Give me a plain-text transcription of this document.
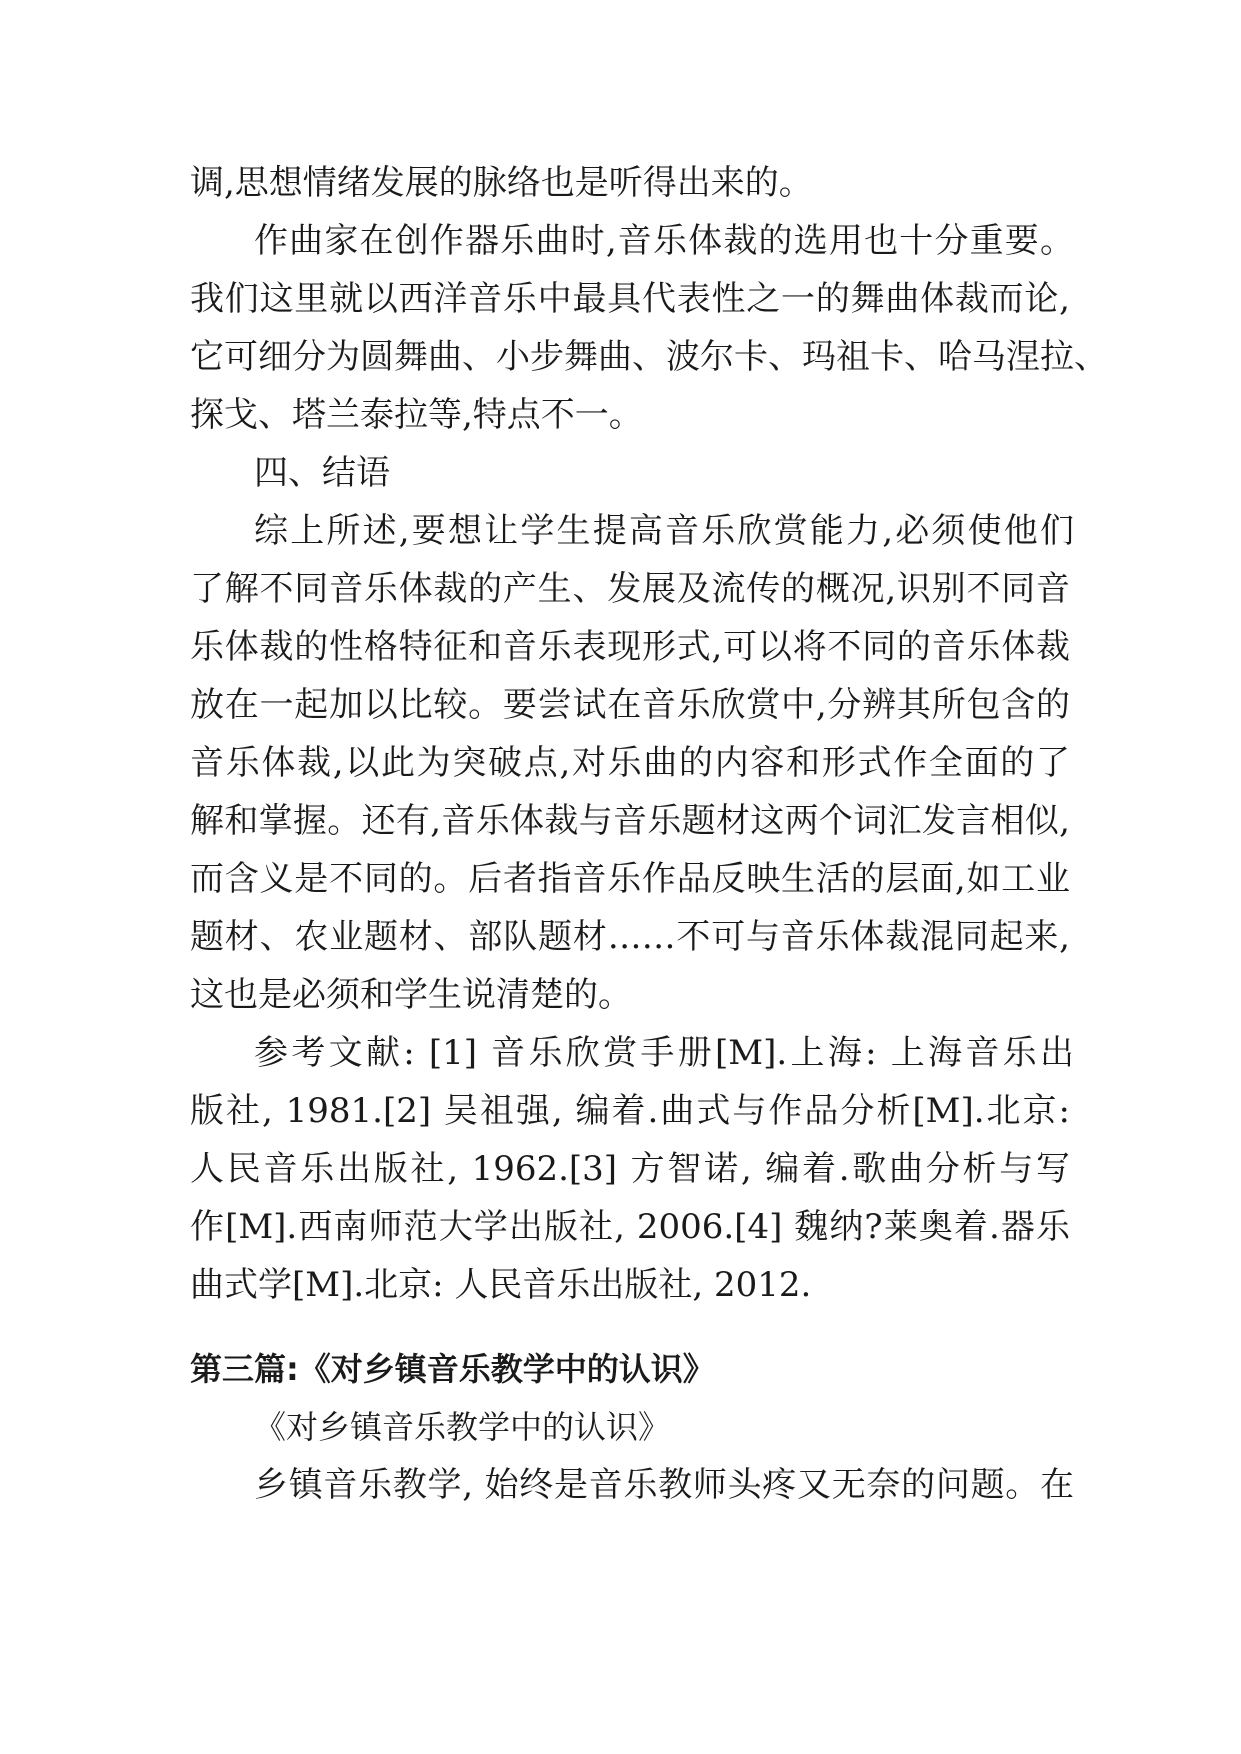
调,思想情绪发展的脉络也是听得出来的。
作曲家在创作器乐曲时,音乐体裁的选用也十分重要。
我们这里就以西洋音乐中最具代表性之一的舞曲体裁而论,
它可细分为圆舞曲、小步舞曲、波尔卡、玛祖卡、哈马涅拉、
探戈、塔兰泰拉等,特点不一。
四、结语
综上所述,要想让学生提高音乐欣赏能力,必须使他们
了解不同音乐体裁的产生、发展及流传的概况,识别不同音
乐体裁的性格特征和音乐表现形式,可以将不同的音乐体裁
放在一起加以比较。要尝试在音乐欣赏中,分辨其所包含的
音乐体裁,以此为突破点,对乐曲的内容和形式作全面的了
解和掌握。还有,音乐体裁与音乐题材这两个词汇发言相似,
而含义是不同的。后者指音乐作品反映生活的层面,如工业
题材、农业题材、部队题材……不可与音乐体裁混同起来,
这也是必须和学生说清楚的。
参考文献: [1] 音乐欣赏手册[M].上海: 上海音乐出
版社, 1981.[2] 吴祖强, 编着.曲式与作品分析[M].北京:
人民音乐出版社, 1962.[3] 方智诺, 编着.歌曲分析与写
作[M].西南师范大学出版社, 2006.[4] 魏纳?莱奥着.器乐
曲式学[M].北京: 人民音乐出版社, 2012.
第三篇:《对乡镇音乐教学中的认识》
《对乡镇音乐教学中的认识》
乡镇音乐教学, 始终是音乐教师头疼又无奈的问题。在
